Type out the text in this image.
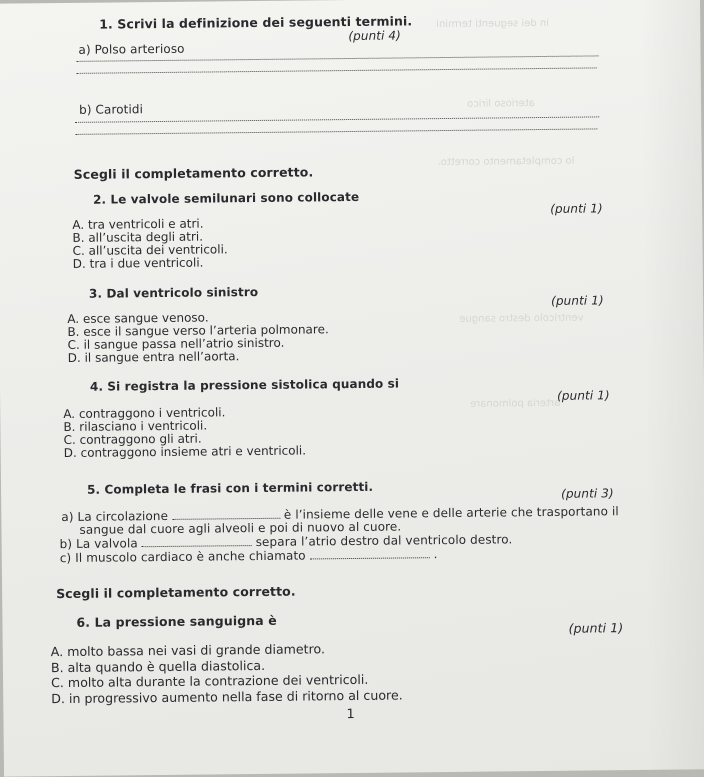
in dei seguenti termini
aterioso lirico
lo completamento corretto.
ventricolo destro sangue
arteria polmonare
1. Scrivi la definizione dei seguenti termini.
(punti 4)
a) Polso arterioso
b) Carotidi
Scegli il completamento corretto.
2. Le valvole semilunari sono collocate
(punti 1)
A. tra ventricoli e atri.
B. all’uscita degli atri.
C. all’uscita dei ventricoli.
D. tra i due ventricoli.
3. Dal ventricolo sinistro	(punti 1)
A. esce sangue venoso.
B. esce il sangue verso l’arteria polmonare.
C. il sangue passa nell’atrio sinistro.
D. il sangue entra nell’aorta.
4. Si registra la pressione sistolica quando si
(punti 1)
A. contraggono i ventricoli.
B. rilasciano i ventricoli.
C. contraggono gli atri.
D. contraggono insieme atri e ventricoli.
5. Completa le frasi con i termini corretti.	(punti 3)
a) La circolazione	è l’insieme delle vene e delle arterie che trasportano il
sangue dal cuore agli alveoli e poi di nuovo al cuore.
b) La valvola	separa l’atrio destro dal ventricolo destro.
c) Il muscolo cardiaco è anche chiamato	.
Scegli il completamento corretto.
6. La pressione sanguigna è	(punti 1)
A. molto bassa nei vasi di grande diametro.
B. alta quando è quella diastolica.
C. molto alta durante la contrazione dei ventricoli.
D. in progressivo aumento nella fase di ritorno al cuore.
1
